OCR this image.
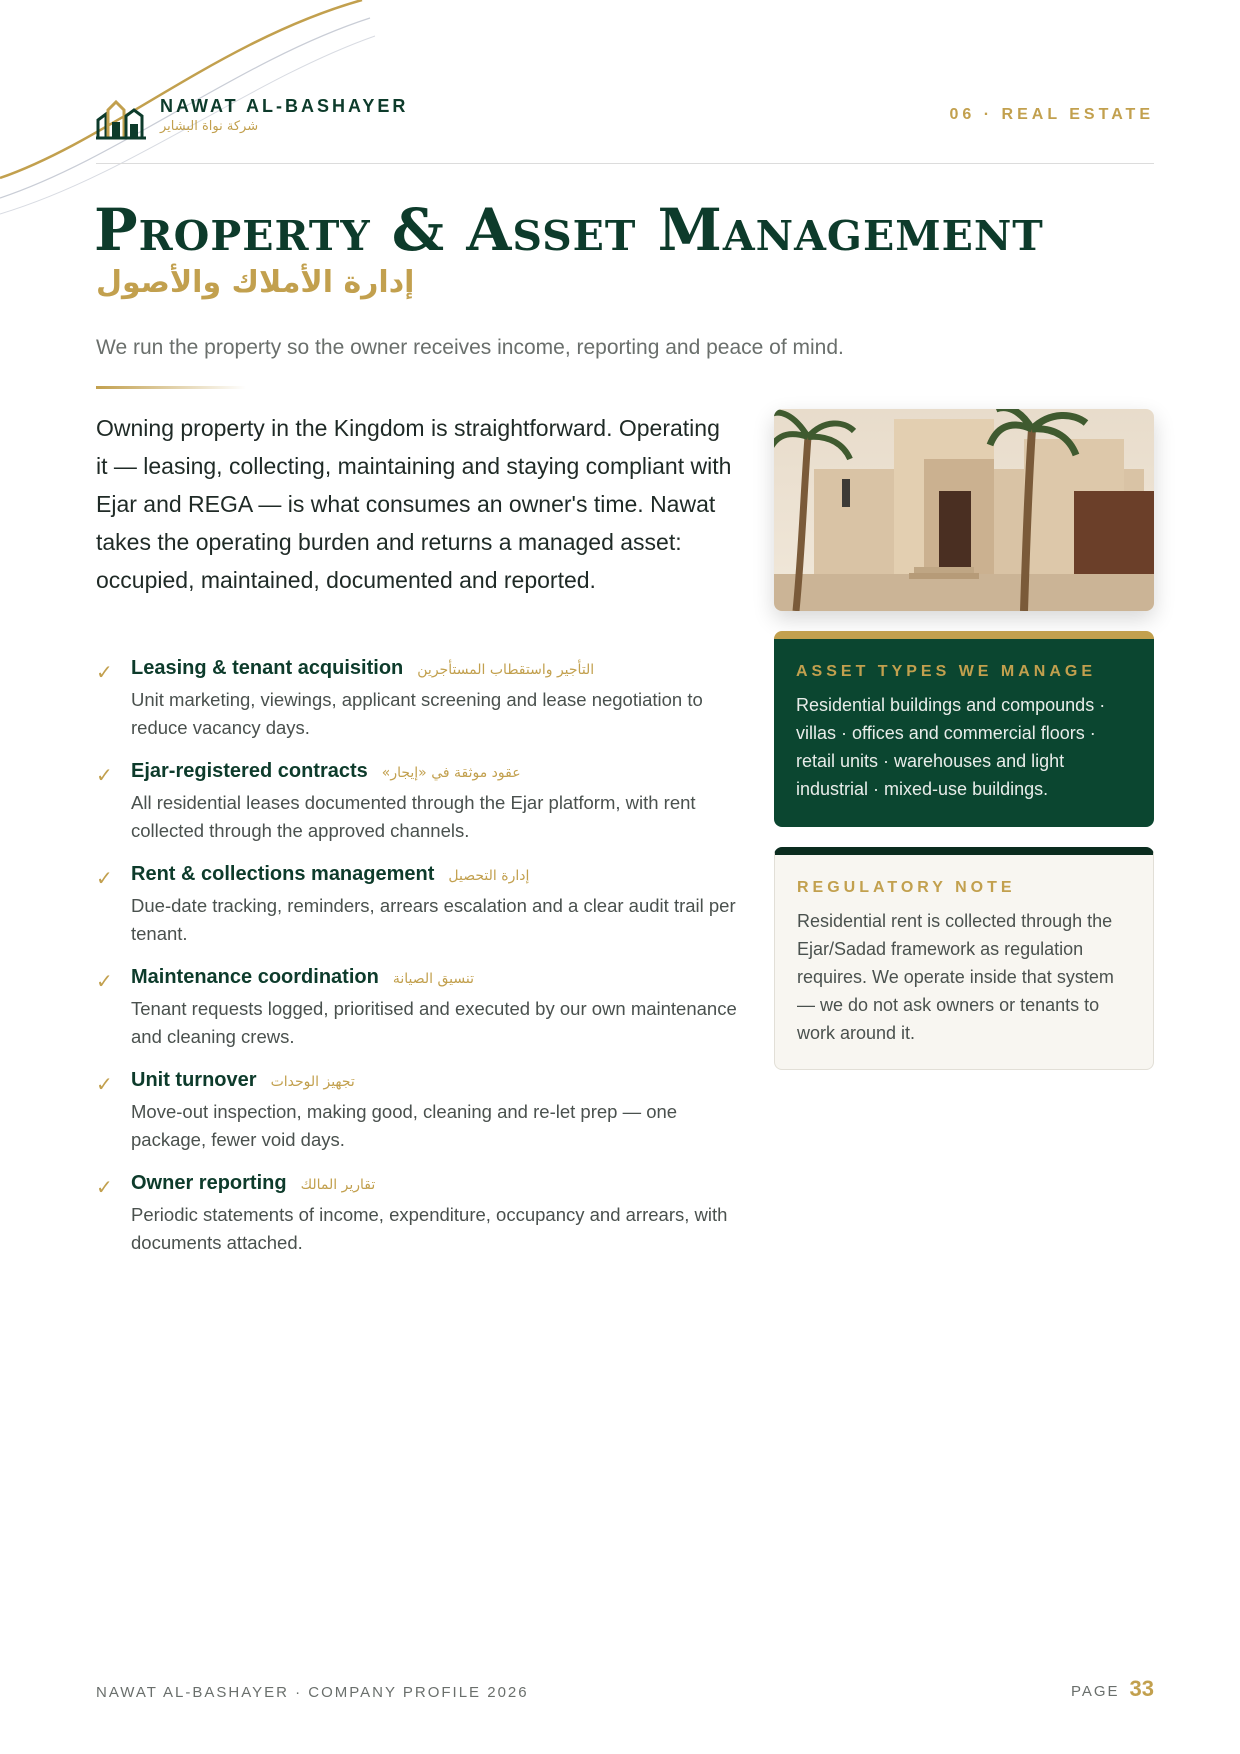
NAWAT AL-BASHAYER
شركة نواة البشاير
06 · REAL ESTATE
Property & Asset Management
إدارة الأملاك والأصول
We run the property so the owner receives income, reporting and peace of mind.

Owning property in the Kingdom is straightforward. Operating it — leasing, collecting, maintaining and staying compliant with Ejar and REGA — is what consumes an owner's time. Nawat takes the operating burden and returns a managed asset: occupied, maintained, documented and reported.

✓ Leasing & tenant acquisition التأجير واستقطاب المستأجرين
Unit marketing, viewings, applicant screening and lease negotiation to reduce vacancy days.
✓ Ejar-registered contracts عقود موثقة في «إيجار»
All residential leases documented through the Ejar platform, with rent collected through the approved channels.
✓ Rent & collections management إدارة التحصيل
Due-date tracking, reminders, arrears escalation and a clear audit trail per tenant.
✓ Maintenance coordination تنسيق الصيانة
Tenant requests logged, prioritised and executed by our own maintenance and cleaning crews.
✓ Unit turnover تجهيز الوحدات
Move-out inspection, making good, cleaning and re-let prep — one package, fewer void days.
✓ Owner reporting تقارير المالك
Periodic statements of income, expenditure, occupancy and arrears, with documents attached.
ASSET TYPES WE MANAGE
Residential buildings and compounds · villas · offices and commercial floors · retail units · warehouses and light industrial · mixed-use buildings.
REGULATORY NOTE
Residential rent is collected through the Ejar/Sadad framework as regulation requires. We operate inside that system — we do not ask owners or tenants to work around it.
NAWAT AL-BASHAYER · COMPANY PROFILE 2026	PAGE 33
